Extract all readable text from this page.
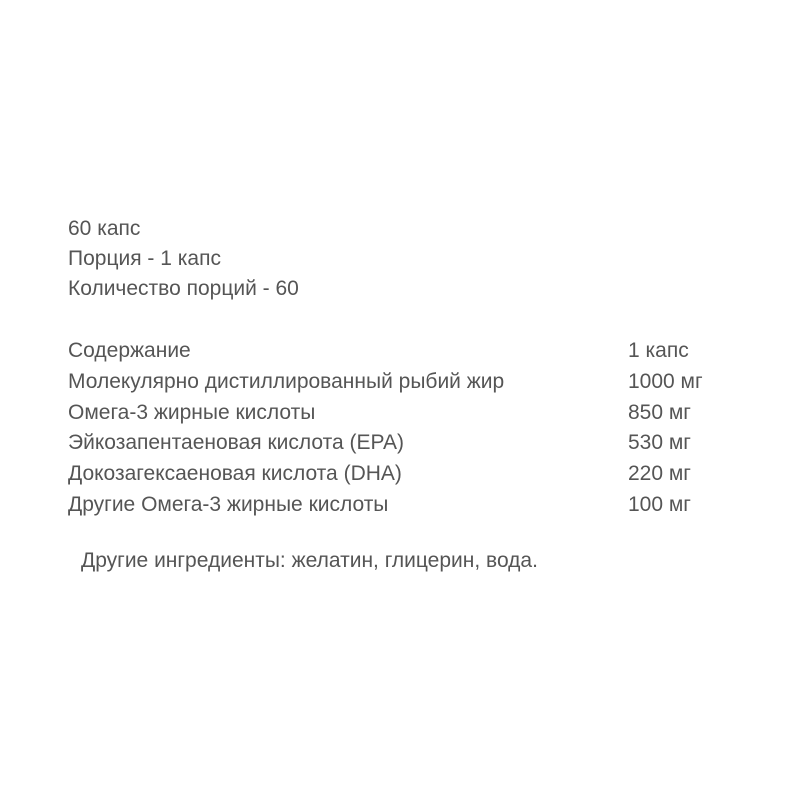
60 капс
Порция - 1 капс
Количество порций - 60
Содержание	1 капс
Молекулярно дистиллированный рыбий жир	1000 мг
Омега-3 жирные кислоты	850 мг
Эйкозапентаеновая кислота (EPA)	530 мг
Докозагексаеновая кислота (DHA)	220 мг
Другие Омега-3 жирные кислоты	100 мг
Другие ингредиенты: желатин, глицерин, вода.
